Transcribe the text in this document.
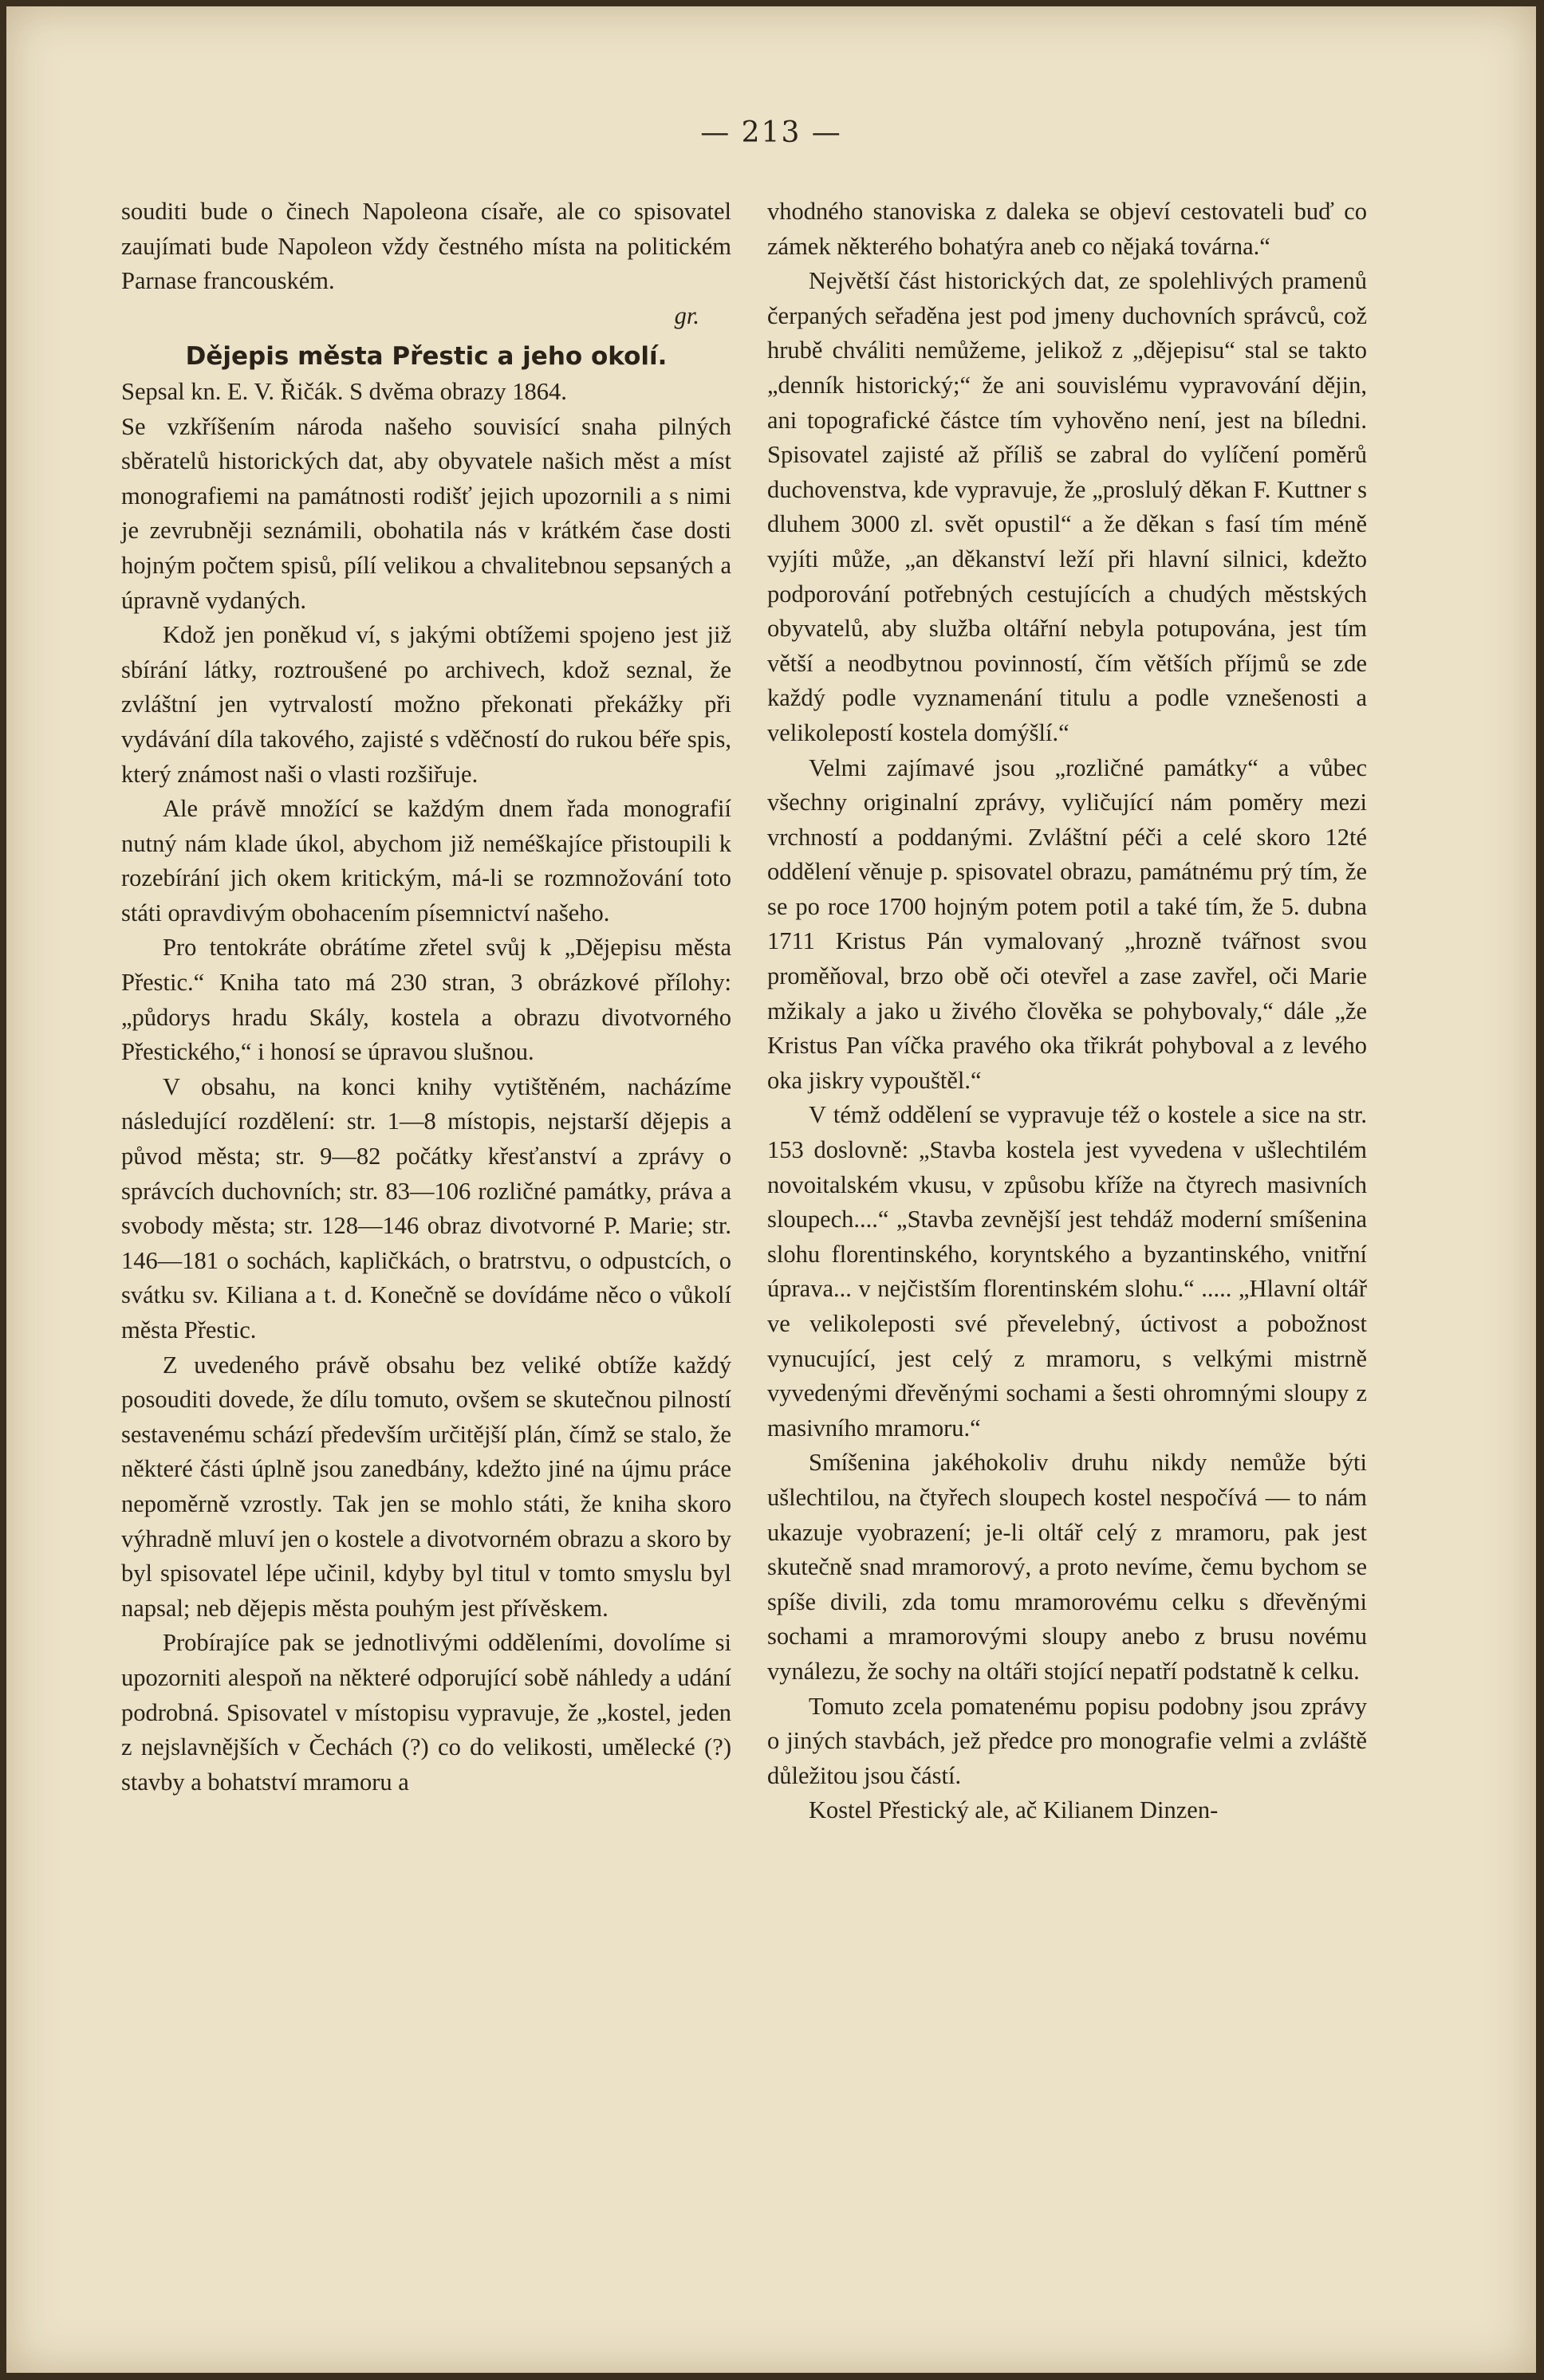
— 213 —

souditi bude o činech Napoleona císaře, ale co spisovatel zaujímati bude Napoleon vždy čestného místa na politickém Parnase francouském.

gr.

Dějepis města Přestic a jeho okolí.

Sepsal kn. E. V. Řičák. S dvěma obrazy 1864.

Se vzkříšením národa našeho souvisící snaha pilných sběratelů historických dat, aby obyvatele našich měst a míst monografiemi na památnosti rodišť jejich upozornili a s nimi je zevrubněji seznámili, obohatila nás v krátkém čase dosti hojným počtem spisů, pílí velikou a chvalitebnou sepsaných a úpravně vydaných.

Kdož jen poněkud ví, s jakými obtížemi spojeno jest již sbírání látky, roztroušené po archivech, kdož seznal, že zvláštní jen vytrvalostí možno překonati překážky při vydávání díla takového, zajisté s vděčností do rukou béře spis, který známost naši o vlasti rozšiřuje.

Ale právě množící se každým dnem řada monografií nutný nám klade úkol, abychom již neméškajíce přistoupili k rozebírání jich okem kritickým, má-li se rozmnožování toto státi opravdivým obohacením písemnictví našeho.

Pro tentokráte obrátíme zřetel svůj k „Dějepisu města Přestic.“ Kniha tato má 230 stran, 3 obrázkové přílohy: „půdorys hradu Skály, kostela a obrazu divotvorného Přestického,“ i honosí se úpravou slušnou.

V obsahu, na konci knihy vytištěném, nacházíme následující rozdělení: str. 1—8 místopis, nejstarší dějepis a původ města; str. 9—82 počátky křesťanství a zprávy o správcích duchovních; str. 83—106 rozličné památky, práva a svobody města; str. 128—146 obraz divotvorné P. Marie; str. 146—181 o sochách, kapličkách, o bratrstvu, o odpustcích, o svátku sv. Kiliana a t. d. Konečně se dovídáme něco o vůkolí města Přestic.

Z uvedeného právě obsahu bez veliké obtíže každý posouditi dovede, že dílu tomuto, ovšem se skutečnou pilností sestavenému schází především určitější plán, čímž se stalo, že některé části úplně jsou zanedbány, kdežto jiné na újmu práce nepoměrně vzrostly. Tak jen se mohlo státi, že kniha skoro výhradně mluví jen o kostele a divotvorném obrazu a skoro by byl spisovatel lépe učinil, kdyby byl titul v tomto smyslu byl napsal; neb dějepis města pouhým jest přívěskem.

Probírajíce pak se jednotlivými odděleními, dovolíme si upozorniti alespoň na některé odporující sobě náhledy a udání podrobná. Spisovatel v místopisu vypravuje, že „kostel, jeden z nejslavnějších v Čechách (?) co do velikosti, umělecké (?) stavby a bohatství mramoru a

vhodného stanoviska z daleka se objeví cestovateli buď co zámek některého bohatýra aneb co nějaká továrna.“

Největší část historických dat, ze spolehlivých pramenů čerpaných seřaděna jest pod jmeny duchovních správců, což hrubě chváliti nemůžeme, jelikož z „dějepisu“ stal se takto „denník historický;“ že ani souvislému vypravování dějin, ani topografické částce tím vyhověno není, jest na bíledni. Spisovatel zajisté až příliš se zabral do vylíčení poměrů duchovenstva, kde vypravuje, že „proslulý děkan F. Kuttner s dluhem 3000 zl. svět opustil“ a že děkan s fasí tím méně vyjíti může, „an děkanství leží při hlavní silnici, kdežto podporování potřebných cestujících a chudých městských obyvatelů, aby služba oltářní nebyla potupována, jest tím větší a neodbytnou povinností, čím větších příjmů se zde každý podle vyznamenání titulu a podle vznešenosti a velikolepostí kostela domýšlí.“

Velmi zajímavé jsou „rozličné památky“ a vůbec všechny originalní zprávy, vyličující nám poměry mezi vrchností a poddanými. Zvláštní péči a celé skoro 12té oddělení věnuje p. spisovatel obrazu, památnému prý tím, že se po roce 1700 hojným potem potil a také tím, že 5. dubna 1711 Kristus Pán vymalovaný „hrozně tvářnost svou proměňoval, brzo obě oči otevřel a zase zavřel, oči Marie mžikaly a jako u živého člověka se pohybovaly,“ dále „že Kristus Pan víčka pravého oka třikrát pohyboval a z levého oka jiskry vypouštěl.“

V témž oddělení se vypravuje též o kostele a sice na str. 153 doslovně: „Stavba kostela jest vyvedena v ušlechtilém novoitalském vkusu, v způsobu kříže na čtyrech masivních sloupech....“ „Stavba zevnější jest tehdáž moderní smíšenina slohu florentinského, koryntského a byzantinského, vnitřní úprava... v nejčistším florentinském slohu.“ ..... „Hlavní oltář ve velikoleposti své převelebný, úctivost a pobožnost vynucující, jest celý z mramoru, s velkými mistrně vyvedenými dřevěnými sochami a šesti ohromnými sloupy z masivního mramoru.“

Smíšenina jakéhokoliv druhu nikdy nemůže býti ušlechtilou, na čtyřech sloupech kostel nespočívá — to nám ukazuje vyobrazení; je-li oltář celý z mramoru, pak jest skutečně snad mramorový, a proto nevíme, čemu bychom se spíše divili, zda tomu mramorovému celku s dřevěnými sochami a mramorovými sloupy anebo z brusu novému vynálezu, že sochy na oltáři stojící nepatří podstatně k celku.

Tomuto zcela pomatenému popisu podobny jsou zprávy o jiných stavbách, jež předce pro monografie velmi a zvláště důležitou jsou částí.

Kostel Přestický ale, ač Kilianem Dinzen-
